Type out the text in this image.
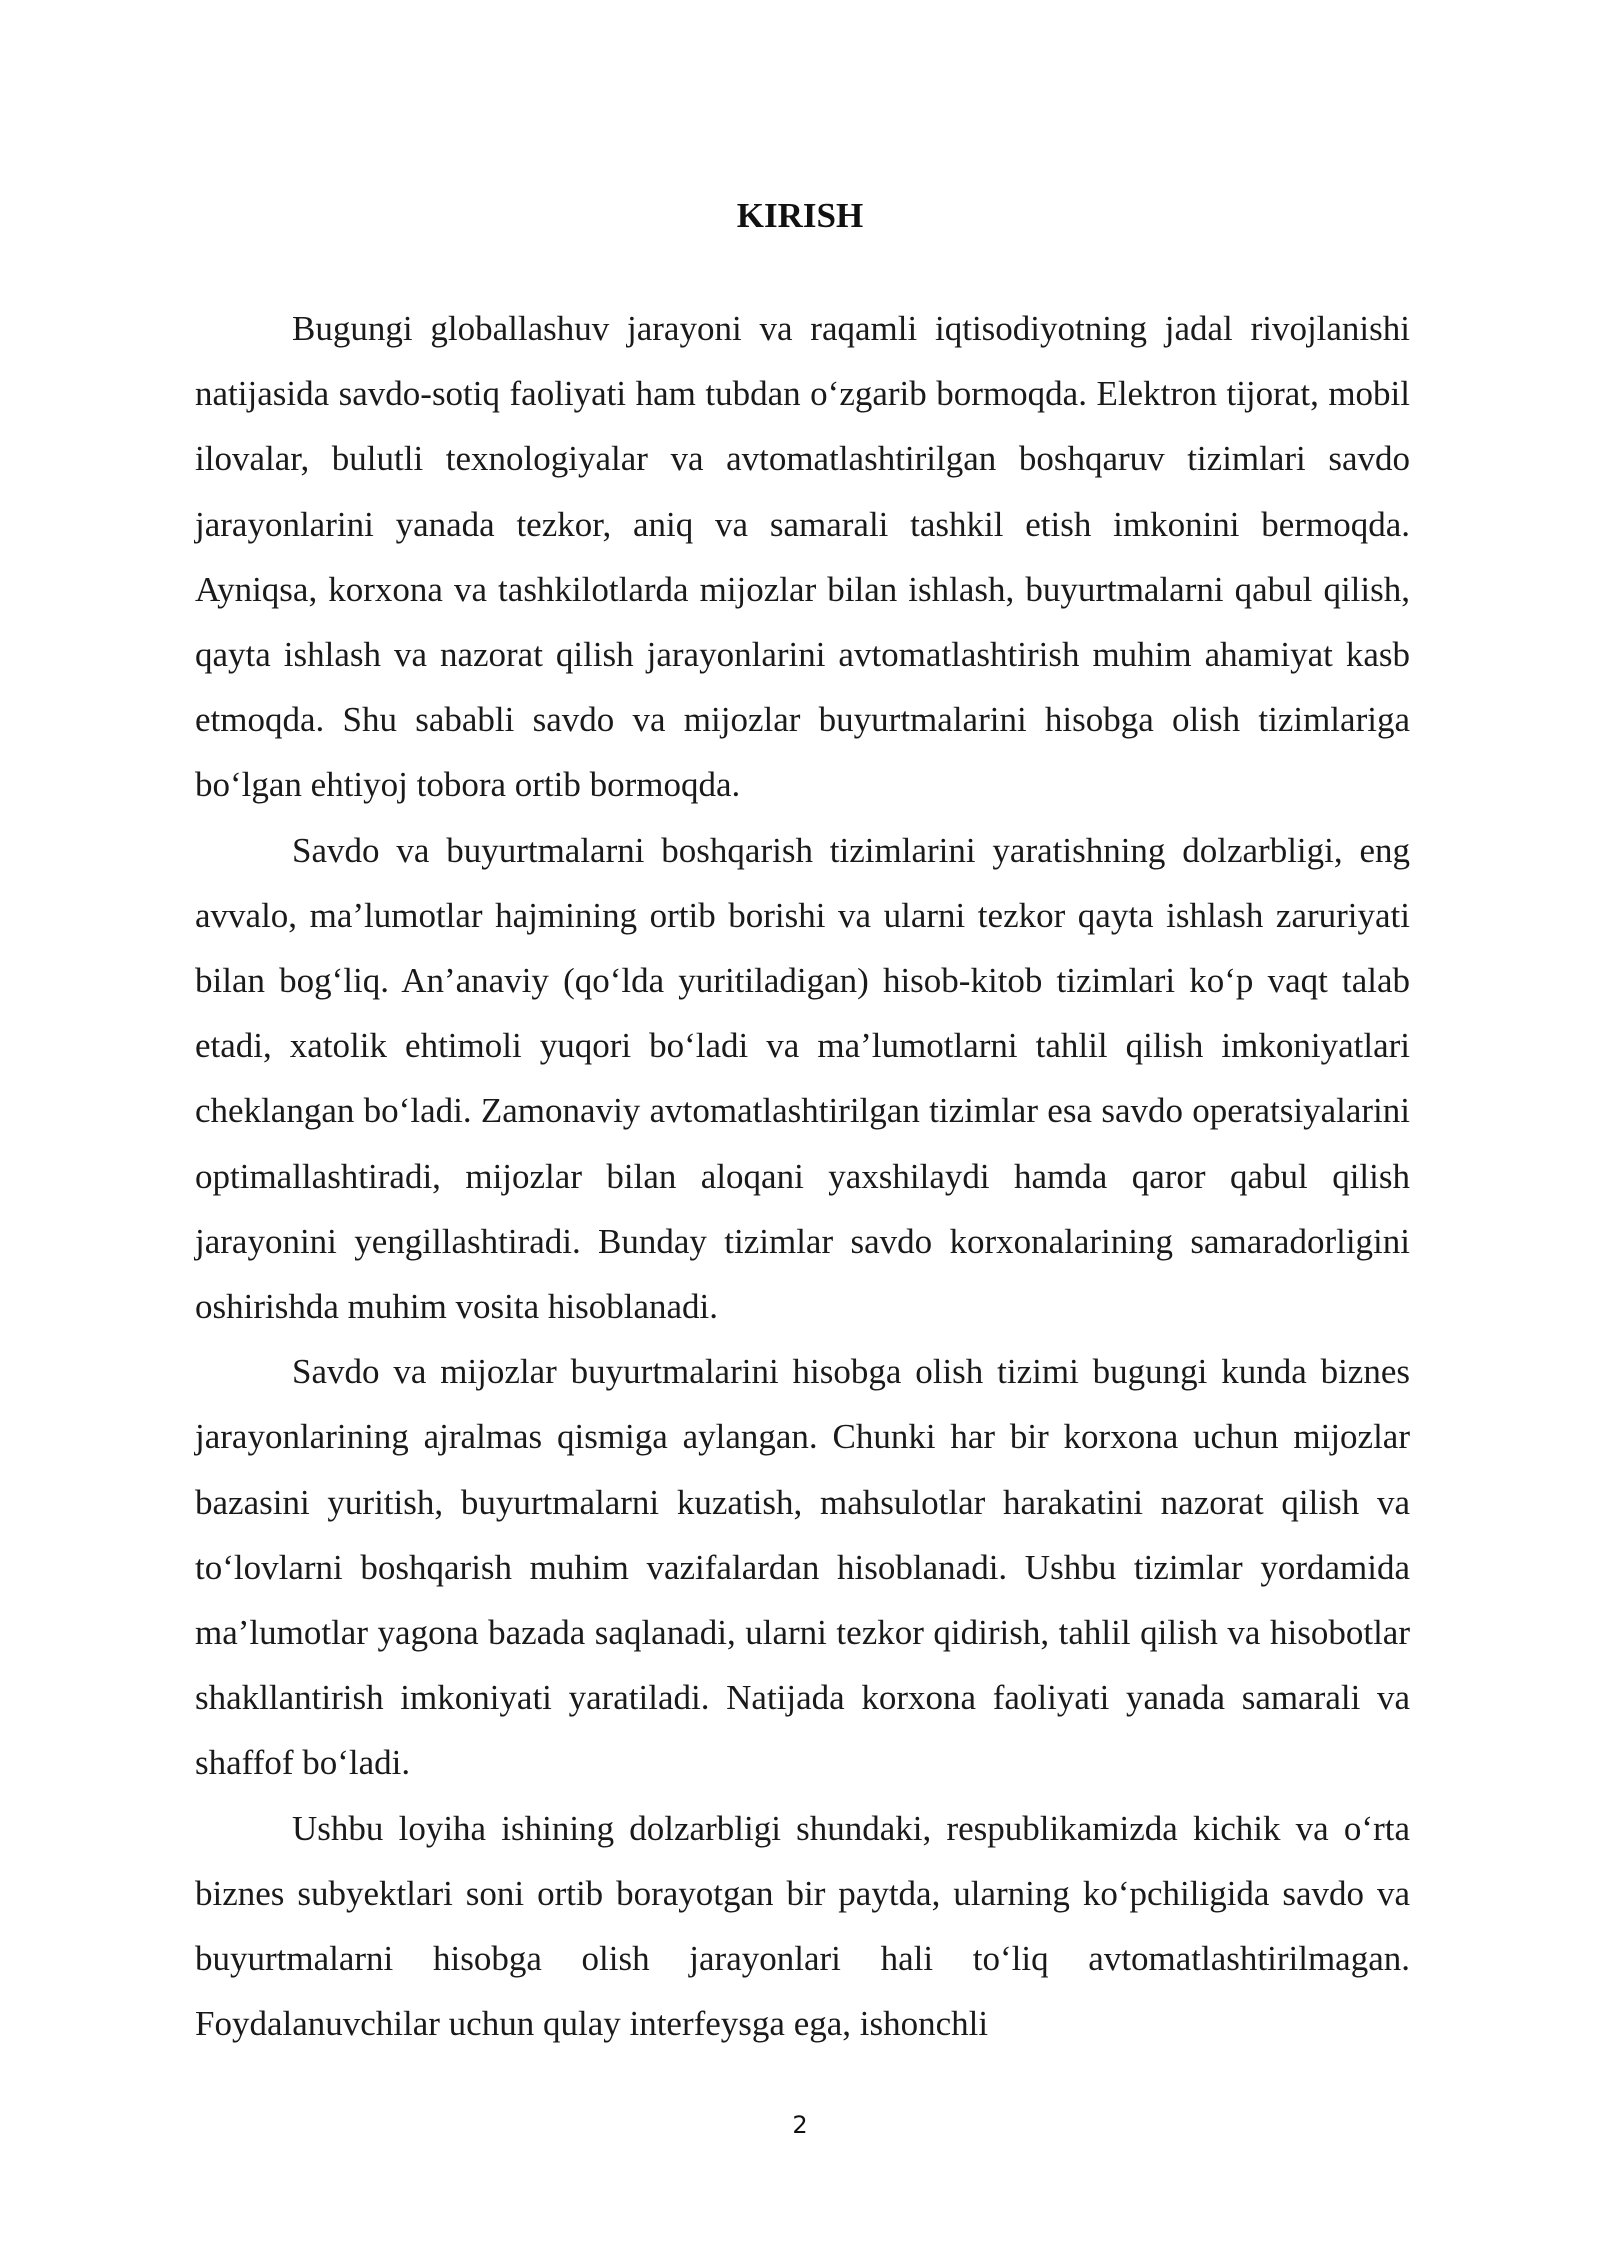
KIRISH

Bugungi globallashuv jarayoni va raqamli iqtisodiyotning jadal rivojlanishi natijasida savdo-sotiq faoliyati ham tubdan o‘zgarib bormoqda. Elektron tijorat, mobil ilovalar, bulutli texnologiyalar va avtomatlashtirilgan boshqaruv tizimlari savdo jarayonlarini yanada tezkor, aniq va samarali tashkil etish imkonini bermoqda. Ayniqsa, korxona va tashkilotlarda mijozlar bilan ishlash, buyurtmalarni qabul qilish, qayta ishlash va nazorat qilish jarayonlarini avtomatlashtirish muhim ahamiyat kasb etmoqda. Shu sababli savdo va mijozlar buyurtmalarini hisobga olish tizimlariga bo‘lgan ehtiyoj tobora ortib bormoqda.

Savdo va buyurtmalarni boshqarish tizimlarini yaratishning dolzarbligi, eng avvalo, ma’lumotlar hajmining ortib borishi va ularni tezkor qayta ishlash zaruriyati bilan bog‘liq. An’anaviy (qo‘lda yuritiladigan) hisob-kitob tizimlari ko‘p vaqt talab etadi, xatolik ehtimoli yuqori bo‘ladi va ma’lumotlarni tahlil qilish imkoniyatlari cheklangan bo‘ladi. Zamonaviy avtomatlashtirilgan tizimlar esa savdo operatsiyalarini optimallashtiradi, mijozlar bilan aloqani yaxshilaydi hamda qaror qabul qilish jarayonini yengillashtiradi. Bunday tizimlar savdo korxonalarining samaradorligini oshirishda muhim vosita hisoblanadi.

Savdo va mijozlar buyurtmalarini hisobga olish tizimi bugungi kunda biznes jarayonlarining ajralmas qismiga aylangan. Chunki har bir korxona uchun mijozlar bazasini yuritish, buyurtmalarni kuzatish, mahsulotlar harakatini nazorat qilish va to‘lovlarni boshqarish muhim vazifalardan hisoblanadi. Ushbu tizimlar yordamida ma’lumotlar yagona bazada saqlanadi, ularni tezkor qidirish, tahlil qilish va hisobotlar shakllantirish imkoniyati yaratiladi. Natijada korxona faoliyati yanada samarali va shaffof bo‘ladi.

Ushbu loyiha ishining dolzarbligi shundaki, respublikamizda kichik va o‘rta biznes subyektlari soni ortib borayotgan bir paytda, ularning ko‘pchiligida savdo va buyurtmalarni hisobga olish jarayonlari hali to‘liq avtomatlashtirilmagan. Foydalanuvchilar uchun qulay interfeysga ega, ishonchli

2
